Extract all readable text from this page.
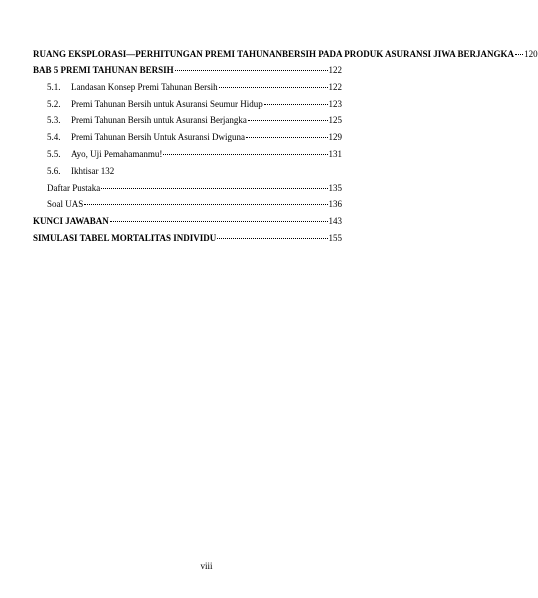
RUANG EKSPLORASI—PERHITUNGAN PREMI TAHUNAN BERSIH PADA PRODUK ASURANSI JIWA BERJANGKA 120
BAB 5 PREMI TAHUNAN BERSIH	122
5.1. Landasan Konsep Premi Tahunan Bersih	122
5.2. Premi Tahunan Bersih untuk Asuransi Seumur Hidup	123
5.3. Premi Tahunan Bersih untuk Asuransi Berjangka	125
5.4. Premi Tahunan Bersih Untuk Asuransi Dwiguna	129
5.5. Ayo, Uji Pemahamanmu!	131
5.6. Ikhtisar 132
Daftar Pustaka	135
Soal UAS	136
KUNCI JAWABAN	143
SIMULASI TABEL MORTALITAS INDIVIDU	155
viii
